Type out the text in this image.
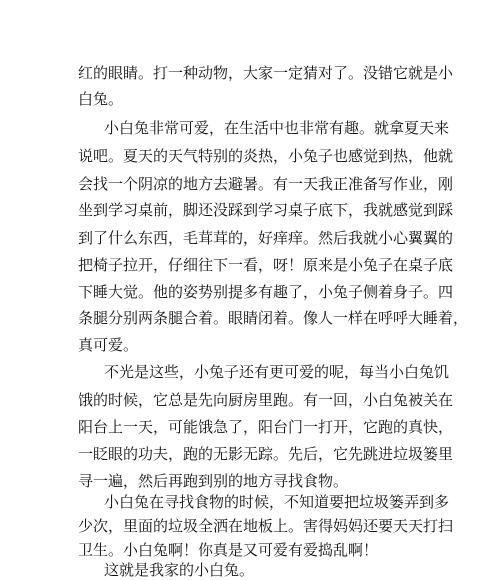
红的眼睛。打一种动物，大家一定猜对了。没错它就是小
白兔。
小白兔非常可爱，在生活中也非常有趣。就拿夏天来
说吧。夏天的天气特别的炎热，小兔子也感觉到热，他就
会找一个阴凉的地方去避暑。有一天我正准备写作业，刚
坐到学习桌前，脚还没踩到学习桌子底下，我就感觉到踩
到了什么东西，毛茸茸的，好痒痒。然后我就小心翼翼的
把椅子拉开，仔细往下一看，呀！原来是小兔子在桌子底
下睡大觉。他的姿势别提多有趣了，小兔子侧着身子。四
条腿分别两条腿合着。眼睛闭着。像人一样在呼呼大睡着，
真可爱。
不光是这些，小兔子还有更可爱的呢，每当小白兔饥
饿的时候，它总是先向厨房里跑。有一回，小白兔被关在
阳台上一天，可能饿急了，阳台门一打开，它跑的真快，
一眨眼的功夫，跑的无影无踪。先后，它先跳进垃圾篓里
寻一遍，然后再跑到别的地方寻找食物。
小白兔在寻找食物的时候，不知道要把垃圾篓弄到多
少次，里面的垃圾全洒在地板上。害得妈妈还要天天打扫
卫生。小白兔啊！你真是又可爱有爱捣乱啊！
这就是我家的小白兔。
